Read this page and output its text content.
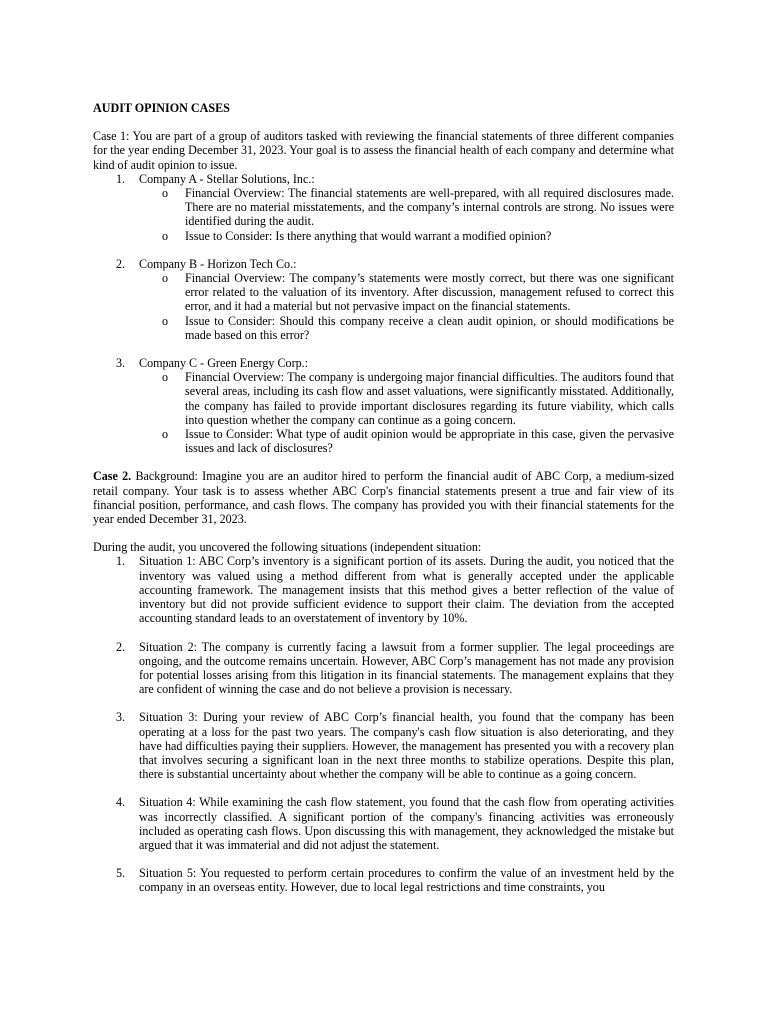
AUDIT OPINION CASES

Case 1: You are part of a group of auditors tasked with reviewing the financial statements of three different companies for the year ending December 31, 2023. Your goal is to assess the financial health of each company and determine what kind of audit opinion to issue.

1.	Company A - Stellar Solutions, Inc.:
o	Financial Overview: The financial statements are well-prepared, with all required disclosures made. There are no material misstatements, and the company’s internal controls are strong. No issues were identified during the audit.
o	Issue to Consider: Is there anything that would warrant a modified opinion?
2.	Company B - Horizon Tech Co.:
o	Financial Overview: The company’s statements were mostly correct, but there was one significant error related to the valuation of its inventory. After discussion, management refused to correct this error, and it had a material but not pervasive impact on the financial statements.
o	Issue to Consider: Should this company receive a clean audit opinion, or should modifications be made based on this error?
3.	Company C - Green Energy Corp.:
o	Financial Overview: The company is undergoing major financial difficulties. The auditors found that several areas, including its cash flow and asset valuations, were significantly misstated. Additionally, the company has failed to provide important disclosures regarding its future viability, which calls into question whether the company can continue as a going concern.
o	Issue to Consider: What type of audit opinion would be appropriate in this case, given the pervasive issues and lack of disclosures?

Case 2. Background: Imagine you are an auditor hired to perform the financial audit of ABC Corp, a medium-sized retail company. Your task is to assess whether ABC Corp's financial statements present a true and fair view of its financial position, performance, and cash flows. The company has provided you with their financial statements for the year ended December 31, 2023.

During the audit, you uncovered the following situations (independent situation:

1.	Situation 1: ABC Corp’s inventory is a significant portion of its assets. During the audit, you noticed that the inventory was valued using a method different from what is generally accepted under the applicable accounting framework. The management insists that this method gives a better reflection of the value of inventory but did not provide sufficient evidence to support their claim. The deviation from the accepted accounting standard leads to an overstatement of inventory by 10%.
2.	Situation 2: The company is currently facing a lawsuit from a former supplier. The legal proceedings are ongoing, and the outcome remains uncertain. However, ABC Corp’s management has not made any provision for potential losses arising from this litigation in its financial statements. The management explains that they are confident of winning the case and do not believe a provision is necessary.
3.	Situation 3: During your review of ABC Corp’s financial health, you found that the company has been operating at a loss for the past two years. The company's cash flow situation is also deteriorating, and they have had difficulties paying their suppliers. However, the management has presented you with a recovery plan that involves securing a significant loan in the next three months to stabilize operations. Despite this plan, there is substantial uncertainty about whether the company will be able to continue as a going concern.
4.	Situation 4: While examining the cash flow statement, you found that the cash flow from operating activities was incorrectly classified. A significant portion of the company's financing activities was erroneously included as operating cash flows. Upon discussing this with management, they acknowledged the mistake but argued that it was immaterial and did not adjust the statement.
5.	Situation 5: You requested to perform certain procedures to confirm the value of an investment held by the company in an overseas entity. However, due to local legal restrictions and time constraints, you
